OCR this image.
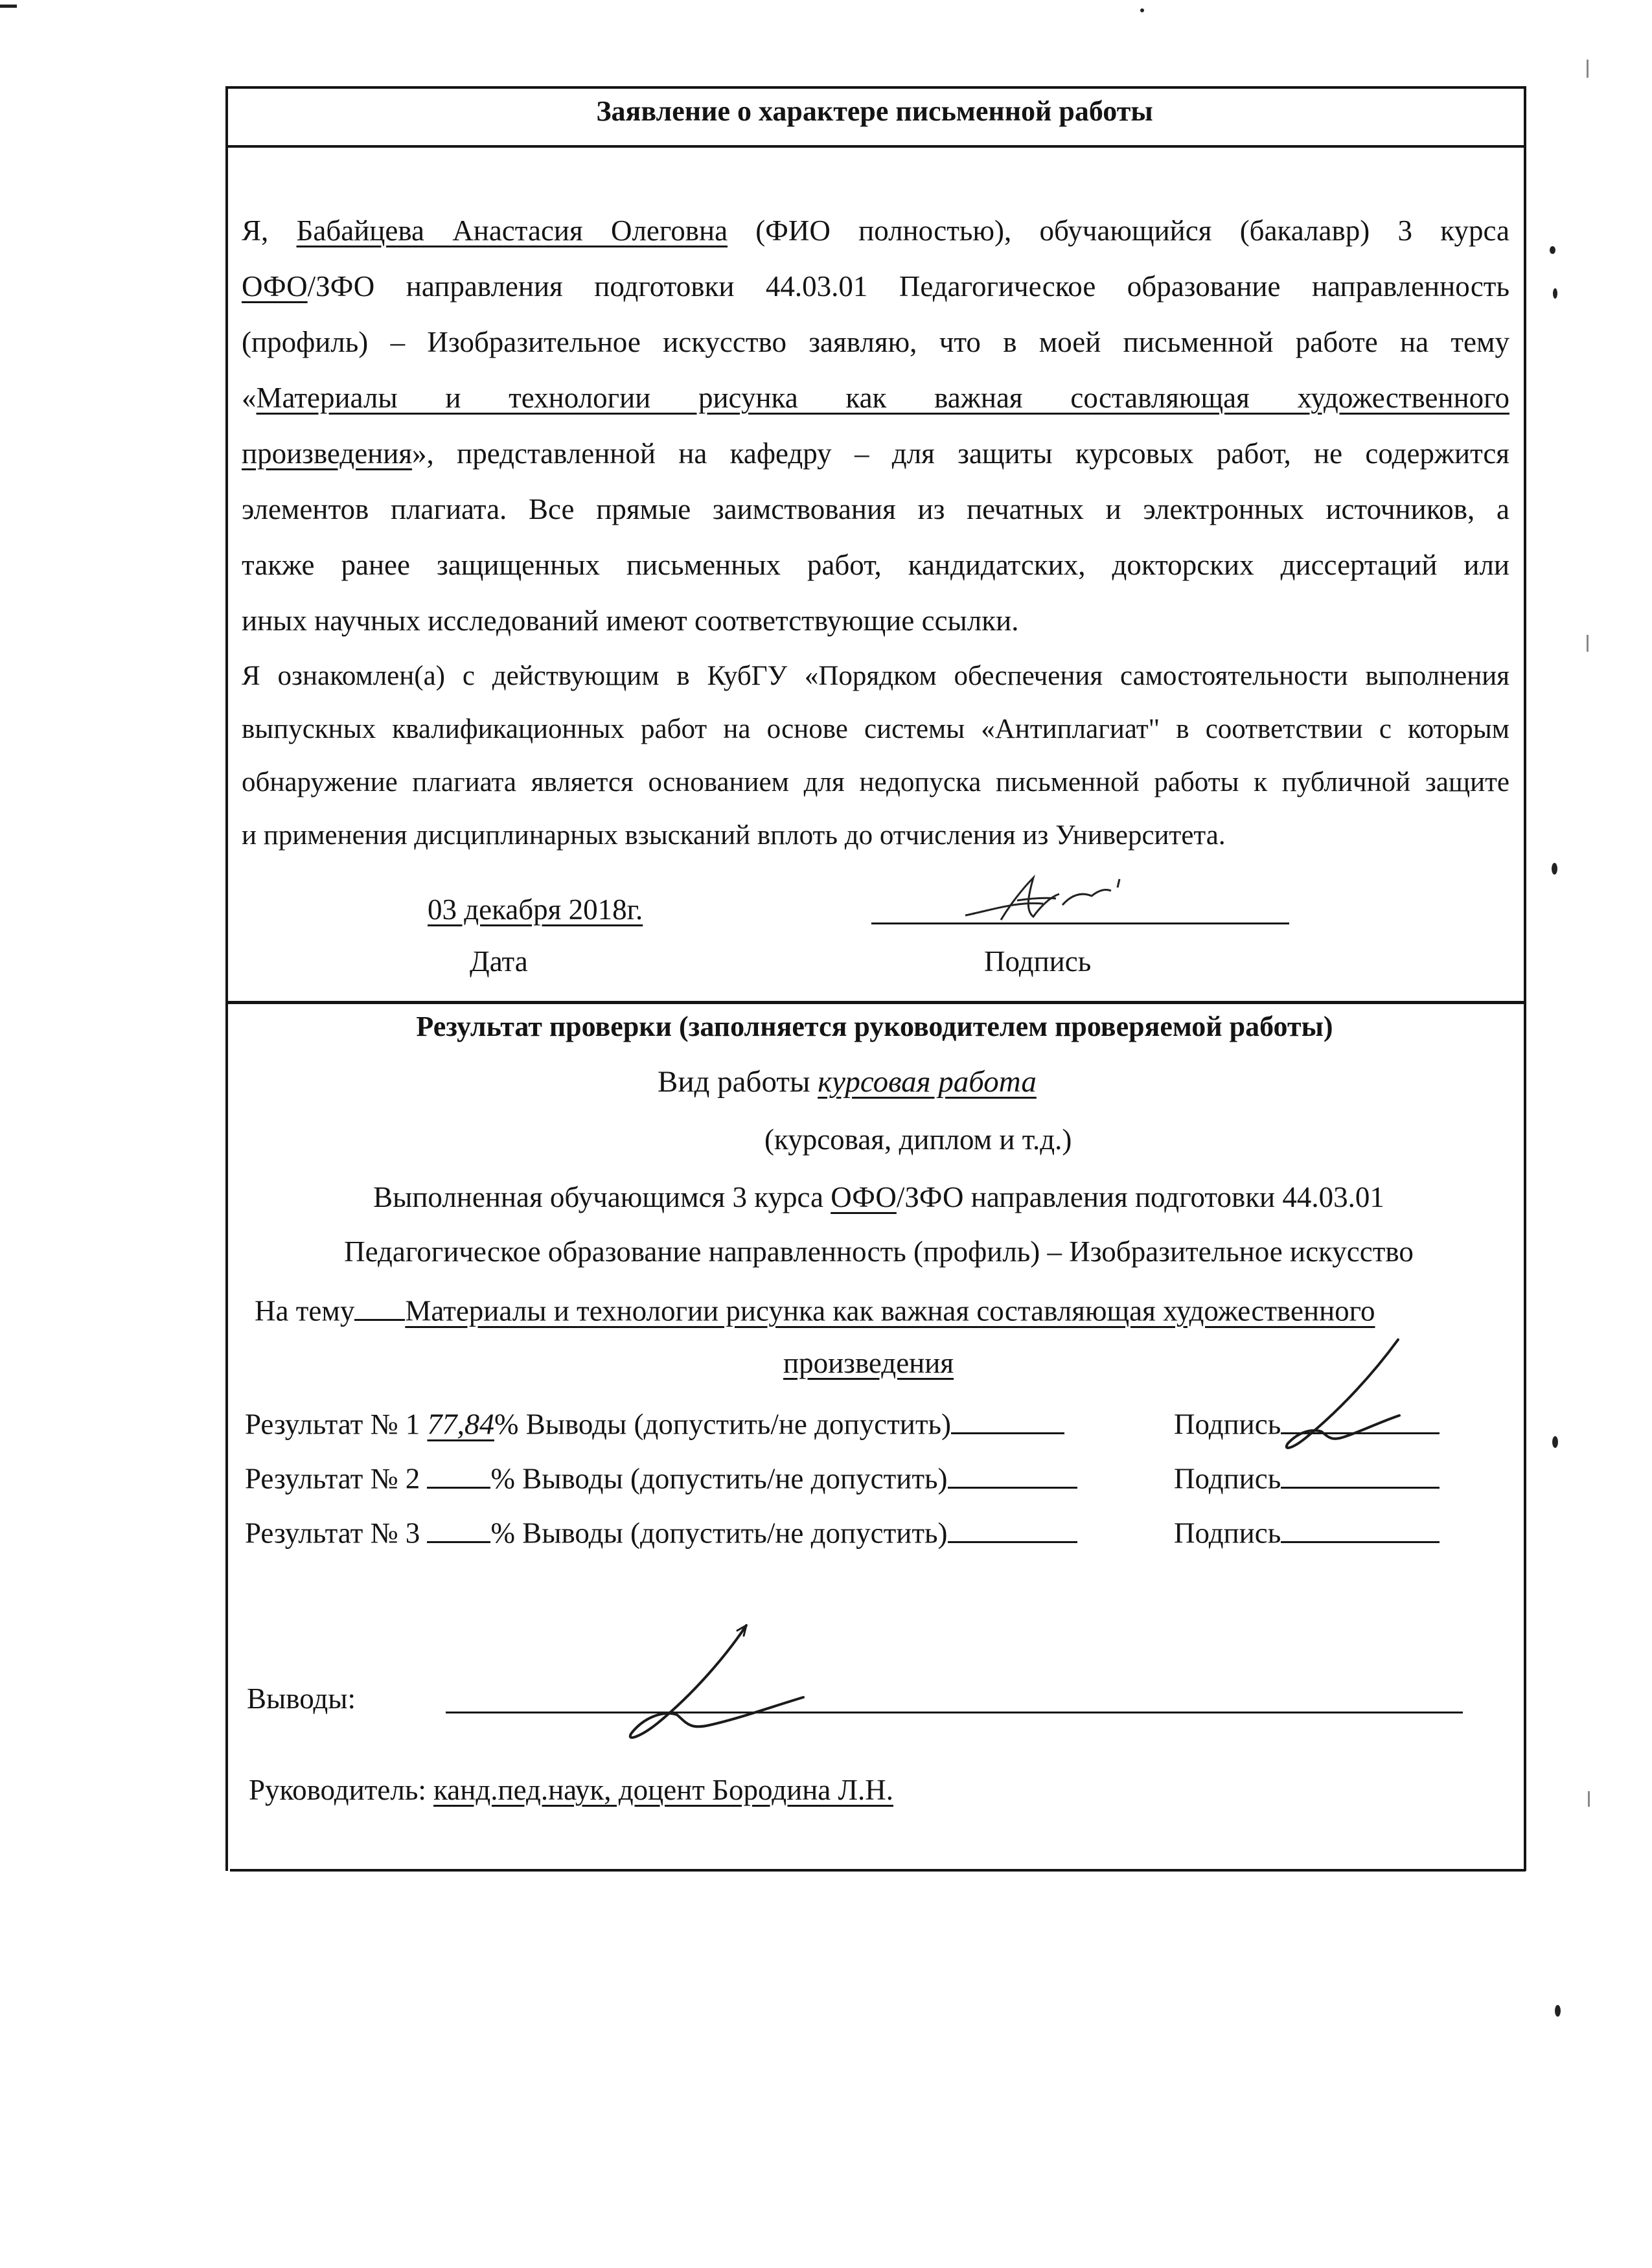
Заявление о характере письменной работы
Я, Бабайцева Анастасия Олеговна (ФИО полностью), обучающийся (бакалавр) 3 курса
ОФО/ЗФО направления подготовки 44.03.01 Педагогическое образование направленность
(профиль) – Изобразительное искусство заявляю, что в моей письменной работе на тему
«Материалы и технологии рисунка как важная составляющая художественного
произведения», представленной на кафедру – для защиты курсовых работ, не содержится
элементов плагиата. Все прямые заимствования из печатных и электронных источников, а
также ранее защищенных письменных работ, кандидатских, докторских диссертаций или
иных научных исследований имеют соответствующие ссылки.
Я ознакомлен(а) с действующим в КубГУ «Порядком обеспечения самостоятельности выполнения
выпускных квалификационных работ на основе системы «Антиплагиат" в соответствии с которым
обнаружение плагиата является основанием для недопуска письменной работы к публичной защите
и применения дисциплинарных взысканий вплоть до отчисления из Университета.
03 декабря 2018г.
Дата	Подпись
Результат проверки (заполняется руководителем проверяемой работы)
Вид работы курсовая работа
(курсовая, диплом и т.д.)
Выполненная обучающимся 3 курса ОФО/ЗФО направления подготовки 44.03.01
Педагогическое образование направленность (профиль) – Изобразительное искусство
На тему Материалы и технологии рисунка как важная составляющая художественного
произведения
Результат № 1 77,84% Выводы (допустить/не допустить)	Подпись
Результат № 2 % Выводы (допустить/не допустить)	Подпись
Результат № 3 % Выводы (допустить/не допустить)	Подпись
Выводы:
Руководитель: канд.пед.наук, доцент Бородина Л.Н.
